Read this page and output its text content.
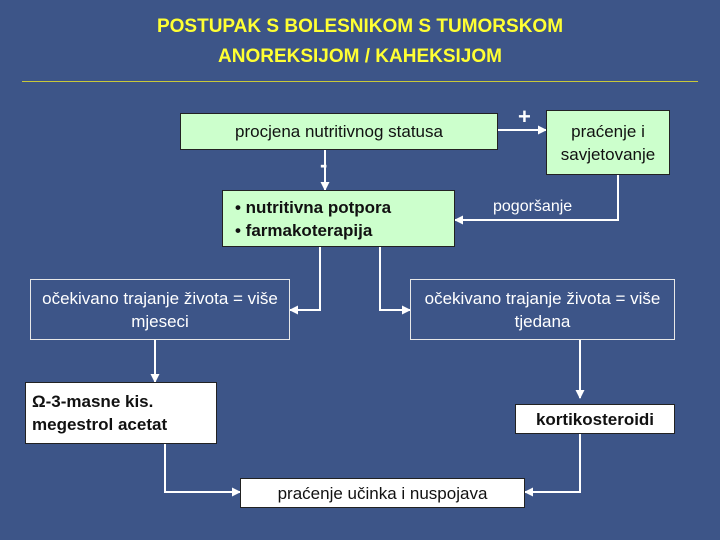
POSTUPAK S BOLESNIKOM S TUMORSKOM
ANOREKSIJOM / KAHEKSIJOM
procjena nutritivnog statusa	praćenje i savjetovanje
• nutritivna potpora
• farmakoterapija
očekivano trajanje života = više mjeseci
očekivano trajanje života = više tjedana
Ω-3-masne kis.
megestrol acetat	kortikosteroidi
praćenje učinka i nuspojava
+
-
pogoršanje
